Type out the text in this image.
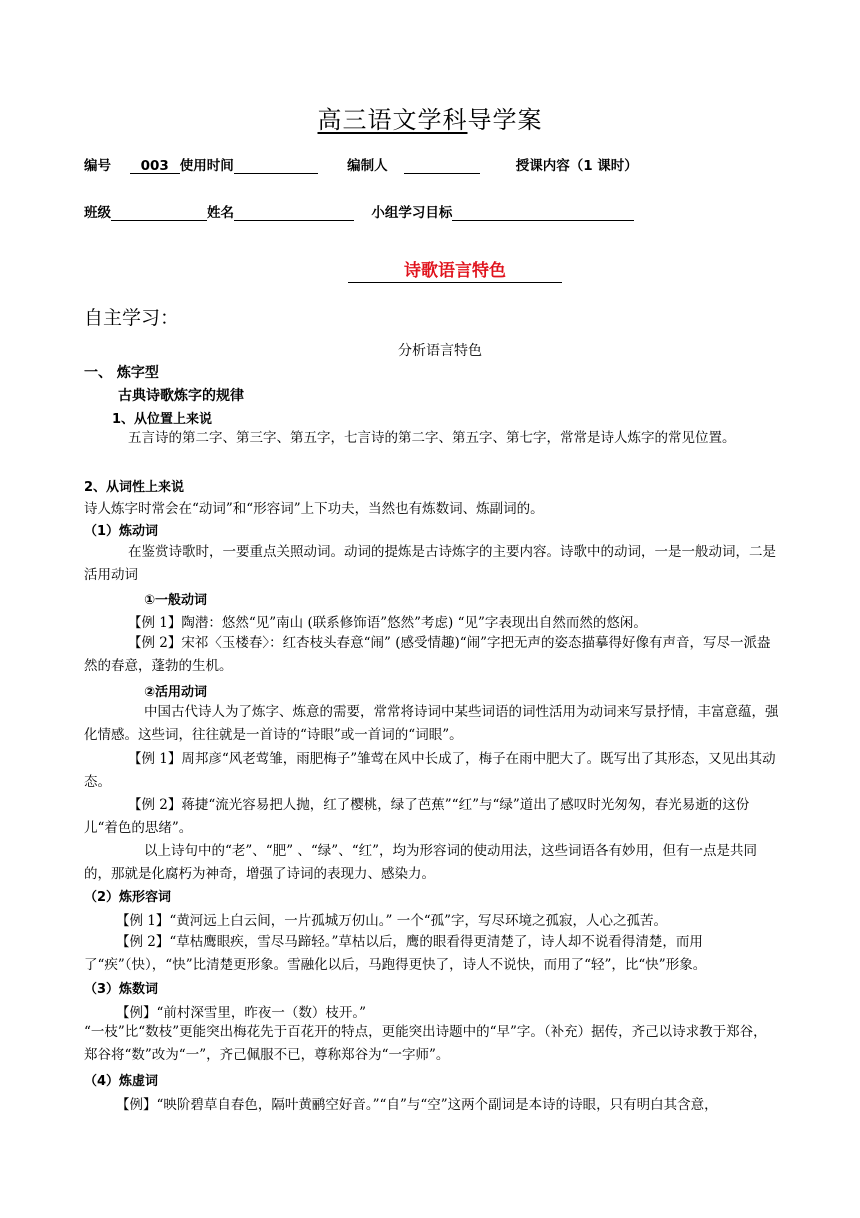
高三语文学科导学案
编号 003 使用时间	编制人	授课内容（1 课时）
班级	姓名	小组学习目标
诗歌语言特色
自主学习：
分析语言特色
一、 炼字型
古典诗歌炼字的规律
1、从位置上来说
五言诗的第二字、第三字、第五字，七言诗的第二字、第五字、第七字，常常是诗人炼字的常见位置。
2、从词性上来说
诗人炼字时常会在“动词”和“形容词”上下功夫，当然也有炼数词、炼副词的。
（1）炼动词
在鉴赏诗歌时，一要重点关照动词。动词的提炼是古诗炼字的主要内容。诗歌中的动词，一是一般动词，二是活用动词
①一般动词
【例 1】陶潜：悠然“见”南山 (联系修饰语”悠然”考虑) “见”字表现出自然而然的悠闲。
【例 2】宋祁〈玉楼春〉：红杏枝头春意“闹” (感受情趣)“闹”字把无声的姿态描摹得好像有声音，写尽一派盎然的春意，蓬勃的生机。
②活用动词
中国古代诗人为了炼字、炼意的需要，常常将诗词中某些词语的词性活用为动词来写景抒情，丰富意蕴，强化情感。这些词，往往就是一首诗的“诗眼”或一首词的“词眼”。
【例 1】周邦彦“风老莺雏，雨肥梅子”雏莺在风中长成了，梅子在雨中肥大了。既写出了其形态，又见出其动态。
【例 2】蒋捷“流光容易把人抛，红了樱桃，绿了芭蕉”“红”与“绿”道出了感叹时光匆匆，春光易逝的这份儿“着色的思绪”。
以上诗句中的“老”、“肥” 、“绿”、“红”，均为形容词的使动用法，这些词语各有妙用，但有一点是共同的，那就是化腐朽为神奇，增强了诗词的表现力、感染力。
（2）炼形容词
【例 1】“黄河远上白云间，一片孤城万仞山。” 一个“孤”字，写尽环境之孤寂，人心之孤苦。
【例 2】“草枯鹰眼疾，雪尽马蹄轻。”草枯以后，鹰的眼看得更清楚了，诗人却不说看得清楚，而用了“疾”（快），“快”比清楚更形象。雪融化以后，马跑得更快了，诗人不说快，而用了“轻”，比“快”形象。
（3）炼数词
【例】“前村深雪里，昨夜一（数）枝开。”
“一枝”比“数枝”更能突出梅花先于百花开的特点，更能突出诗题中的“早”字。（补充）据传，齐己以诗求教于郑谷，郑谷将“数”改为“一”，齐己佩服不已，尊称郑谷为“一字师”。
（4）炼虚词
【例】“映阶碧草自春色，隔叶黄鹂空好音。”“自”与“空”这两个副词是本诗的诗眼，只有明白其含意，
